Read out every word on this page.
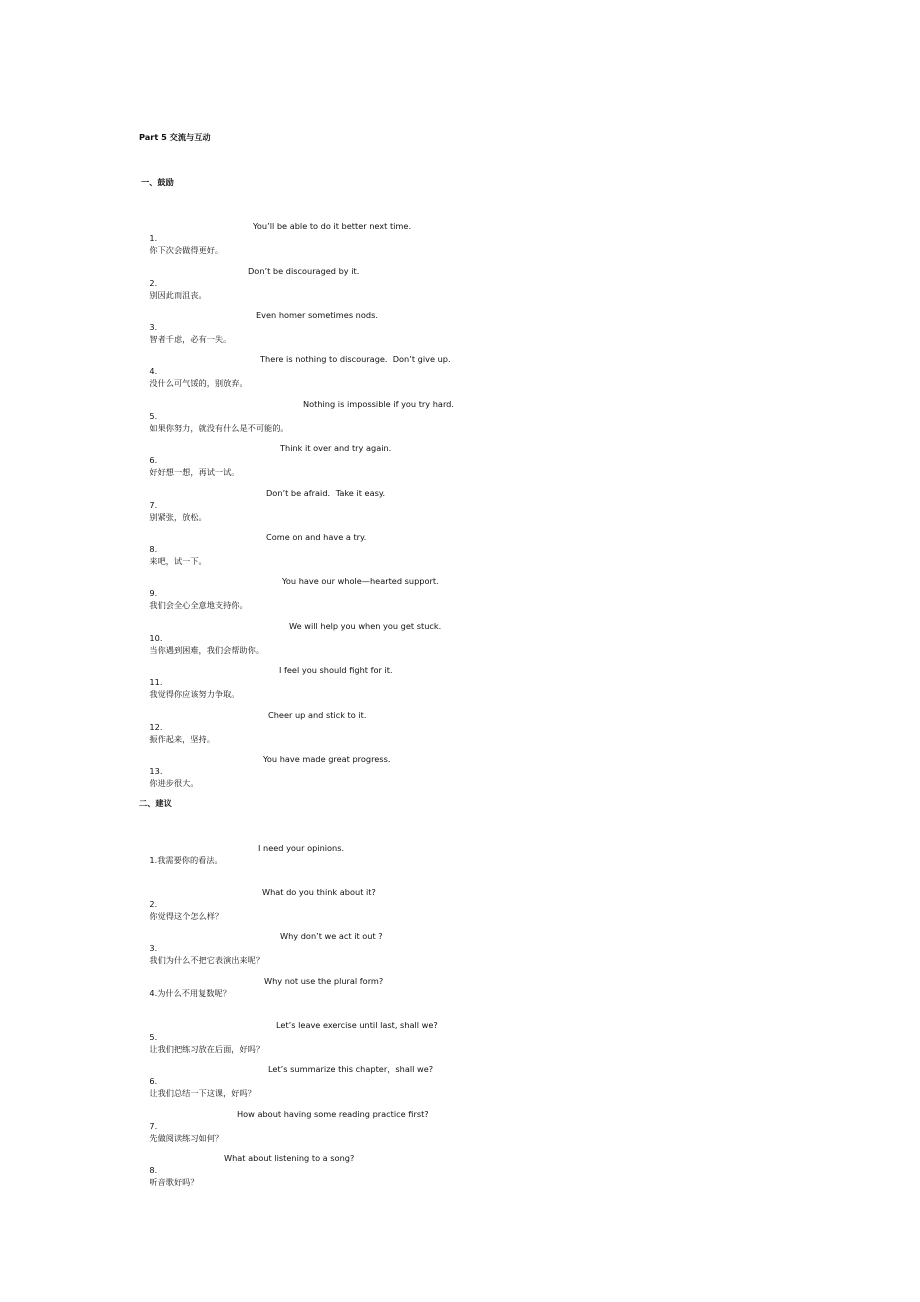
Part 5 交流与互动
一、鼓励

1.
你下次会做得更好。

You’ll be able to do it better next time.

2.
别因此而沮丧。

Don’t be discouraged by it.

3.
智者千虑，必有一失。

Even homer sometimes nods.

4.
没什么可气馁的，别放弃。

There is nothing to discourage.  Don’t give up.

5.
如果你努力，就没有什么是不可能的。

Nothing is impossible if you try hard.

6.
好好想一想，再试一试。

Think it over and try again.

7.
别紧张，放松。

Don’t be afraid．Take it easy.

8.
来吧，试一下。

Come on and have a try.

9.
我们会全心全意地支持你。

You have our whole—hearted support.

10.
当你遇到困难，我们会帮助你。

We will help you when you get stuck.

11.
我觉得你应该努力争取。

I feel you should fight for it.

12.
振作起来，坚持。

Cheer up and stick to it.

13.
你进步很大。

You have made great progress.

二、建议

1.我需要你的看法。

I need your opinions.

2.
你觉得这个怎么样？

What do you think about it?

3.
我们为什么不把它表演出来呢？

Why don’t we act it out ?

4.为什么不用复数呢？

Why not use the plural form?

5.
让我们把练习放在后面，好吗？

Let’s leave exercise until last, shall we?

6.
让我们总结一下这课，好吗？

Let’s summarize this chapter，shall we?

7.
先做阅读练习如何？

How about having some reading practice first?

8.
听音歌好吗？

What about listening to a song?
